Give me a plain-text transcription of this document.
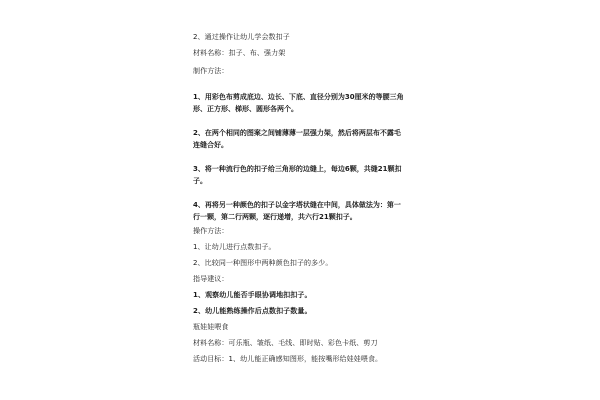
2、通过操作让幼儿学会数扣子
材料名称：扣子、布、强力架
制作方法：
1、用彩色布剪成底边、边长、下底、直径分别为30厘米的等腰三角
形、正方形、梯形、圆形各两个。
2、在两个相同的图案之间铺薄薄一层强力架，然后将两层布不露毛
连缝合好。
3、将一种流行色的扣子给三角形的边缝上，每边6颗，共缝21颗扣
子。
4、再将另一种颜色的扣子以金字塔状缝在中间，具体做法为：第一
行一颗，第二行两颗，逐行递增，共六行21颗扣子。
操作方法：
1、让幼儿进行点数扣子。
2、比较同一种图形中两种颜色扣子的多少。
指导建议：
1、观察幼儿能否手眼协调地扣扣子。
2、幼儿能熟练操作后点数扣子数量。
瓶娃娃喂食
材料名称：可乐瓶、皱纸、毛线、即时贴、彩色卡纸、剪刀
活动目标：1、幼儿能正确感知图形，能按嘴形给娃娃喂食。
